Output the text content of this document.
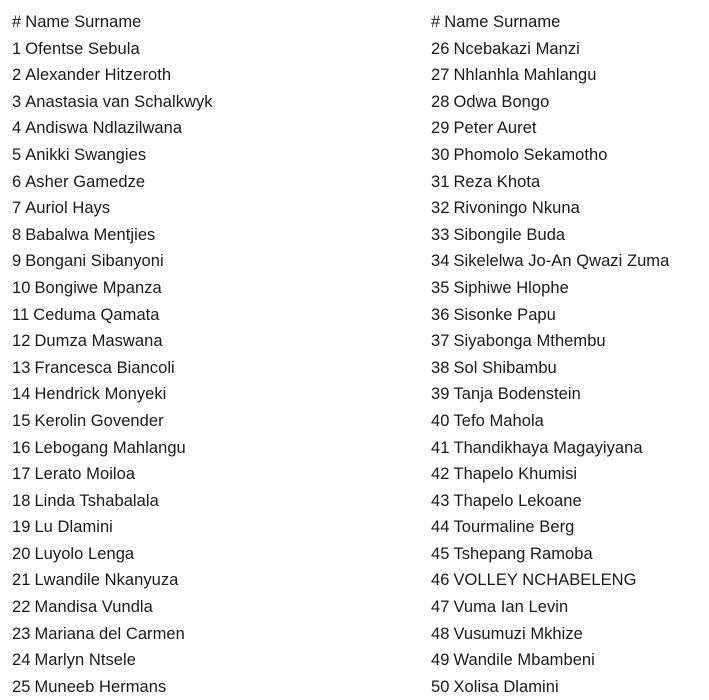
# Name Surname
1 Ofentse Sebula
2 Alexander Hitzeroth
3 Anastasia van Schalkwyk
4 Andiswa Ndlazilwana
5 Anikki Swangies
6 Asher Gamedze
7 Auriol Hays
8 Babalwa Mentjies
9 Bongani Sibanyoni
10 Bongiwe Mpanza
11 Ceduma Qamata
12 Dumza Maswana
13 Francesca Biancoli
14 Hendrick Monyeki
15 Kerolin Govender
16 Lebogang Mahlangu
17 Lerato Moiloa
18 Linda Tshabalala
19 Lu Dlamini
20 Luyolo Lenga
21 Lwandile Nkanyuza
22 Mandisa Vundla
23 Mariana del Carmen
24 Marlyn Ntsele
25 Muneeb Hermans
# Name Surname
26 Ncebakazi Manzi
27 Nhlanhla Mahlangu
28 Odwa Bongo
29 Peter Auret
30 Phomolo Sekamotho
31 Reza Khota
32 Rivoningo Nkuna
33 Sibongile Buda
34 Sikelelwa Jo-An Qwazi Zuma
35 Siphiwe Hlophe
36 Sisonke Papu
37 Siyabonga Mthembu
38 Sol Shibambu
39 Tanja Bodenstein
40 Tefo Mahola
41 Thandikhaya Magayiyana
42 Thapelo Khumisi
43 Thapelo Lekoane
44 Tourmaline Berg
45 Tshepang Ramoba
46 VOLLEY NCHABELENG
47 Vuma Ian Levin
48 Vusumuzi Mkhize
49 Wandile Mbambeni
50 Xolisa Dlamini
